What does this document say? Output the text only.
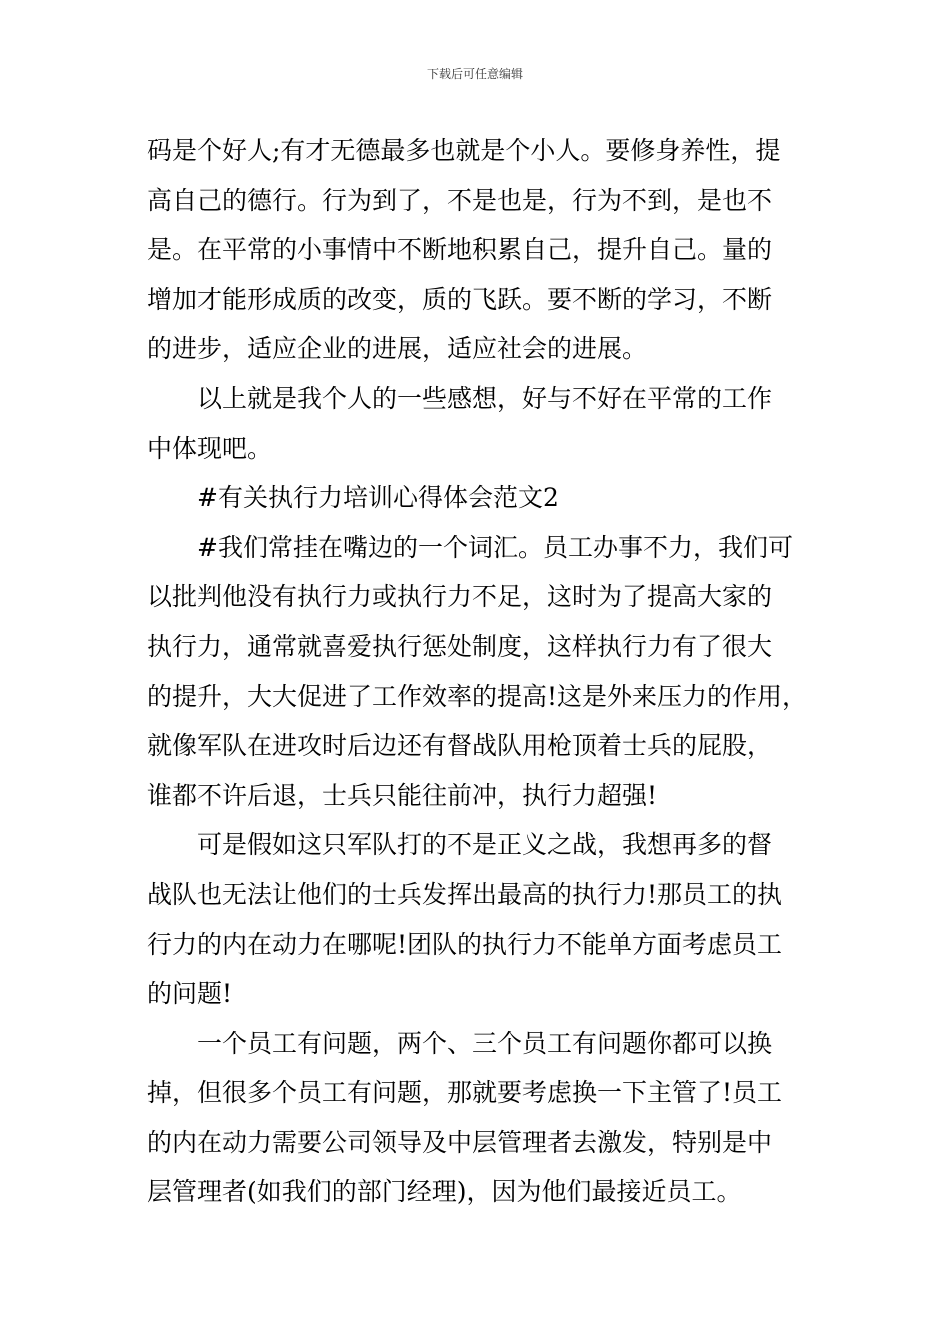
下载后可任意编辑
码是个好人;有才无德最多也就是个小人。要修身养性，提
高自己的德行。行为到了，不是也是，行为不到，是也不
是。在平常的小事情中不断地积累自己，提升自己。量的
增加才能形成质的改变，质的飞跃。要不断的学习，不断
的进步，适应企业的进展，适应社会的进展。
以上就是我个人的一些感想，好与不好在平常的工作
中体现吧。
#有关执行力培训心得体会范文2
#我们常挂在嘴边的一个词汇。员工办事不力，我们可
以批判他没有执行力或执行力不足，这时为了提高大家的
执行力，通常就喜爱执行惩处制度，这样执行力有了很大
的提升，大大促进了工作效率的提高!这是外来压力的作用，
就像军队在进攻时后边还有督战队用枪顶着士兵的屁股，
谁都不许后退，士兵只能往前冲，执行力超强!
可是假如这只军队打的不是正义之战，我想再多的督
战队也无法让他们的士兵发挥出最高的执行力!那员工的执
行力的内在动力在哪呢!团队的执行力不能单方面考虑员工
的问题!
一个员工有问题，两个、三个员工有问题你都可以换
掉，但很多个员工有问题，那就要考虑换一下主管了!员工
的内在动力需要公司领导及中层管理者去激发，特别是中
层管理者(如我们的部门经理)，因为他们最接近员工。
